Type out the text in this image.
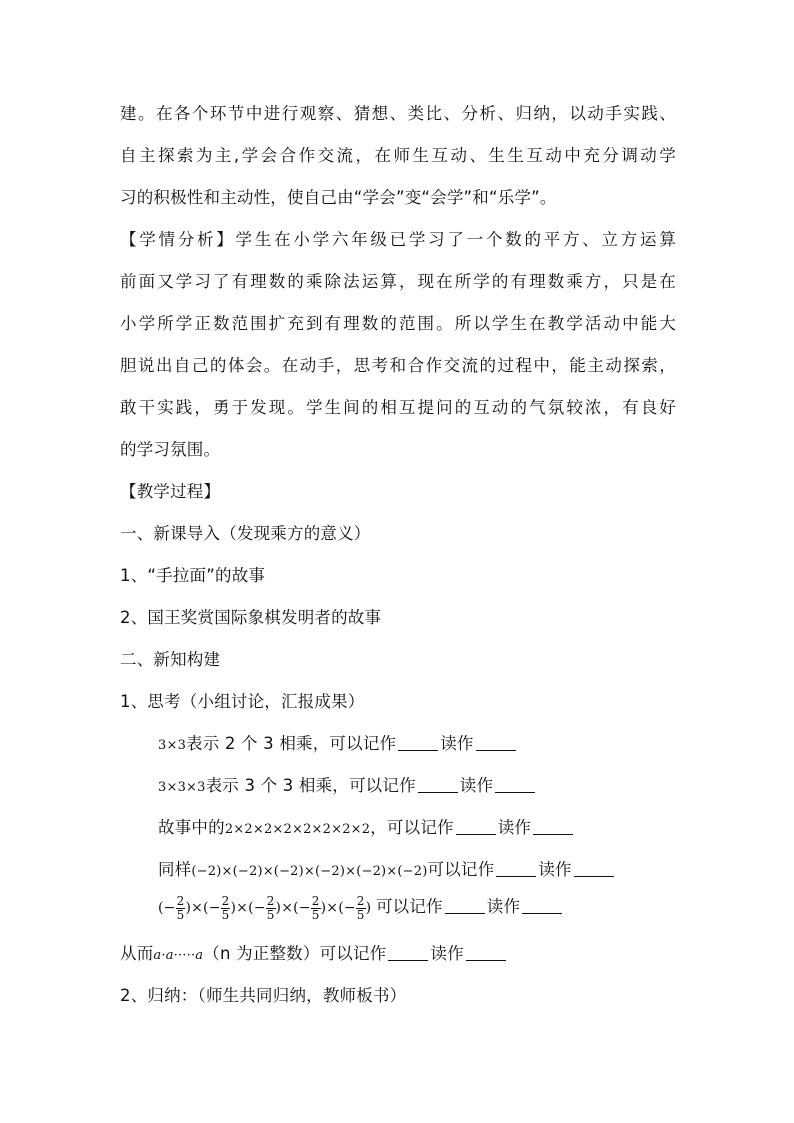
建。在各个环节中进行观察、猜想、类比、分析、归纳，以动手实践、
自主探索为主,学会合作交流，在师生互动、生生互动中充分调动学
习的积极性和主动性，使自己由“学会”变“会学”和“乐学”。
【学情分析】学生在小学六年级已学习了一个数的平方、立方运算
前面又学习了有理数的乘除法运算，现在所学的有理数乘方，只是在
小学所学正数范围扩充到有理数的范围。所以学生在教学活动中能大
胆说出自己的体会。在动手，思考和合作交流的过程中，能主动探索，
敢干实践，勇于发现。学生间的相互提问的互动的气氛较浓，有良好
的学习氛围。
【教学过程】
一、新课导入（发现乘方的意义）
1、“手拉面”的故事
2、国王奖赏国际象棋发明者的故事
二、新知构建
1、思考（小组讨论，汇报成果）
3×3表示 2 个 3 相乘，可以记作	读作
3×3×3表示 3 个 3 相乘，可以记作	读作
故事中的2×2×2×2×2×2×2×2，可以记作	读作
同样(−2)×(−2)×(−2)×(−2)×(−2)×(−2)可以记作	读作
(− $\frac{2}{5}$ )×(− $\frac{2}{5}$ )×(− $\frac{2}{5}$ )×(− $\frac{2}{5}$ )×(− $\frac{2}{5}$ ) 可以记作	读作
从而a·a·····a（n 为正整数）可以记作	读作
2、归纳：（师生共同归纳，教师板书）
